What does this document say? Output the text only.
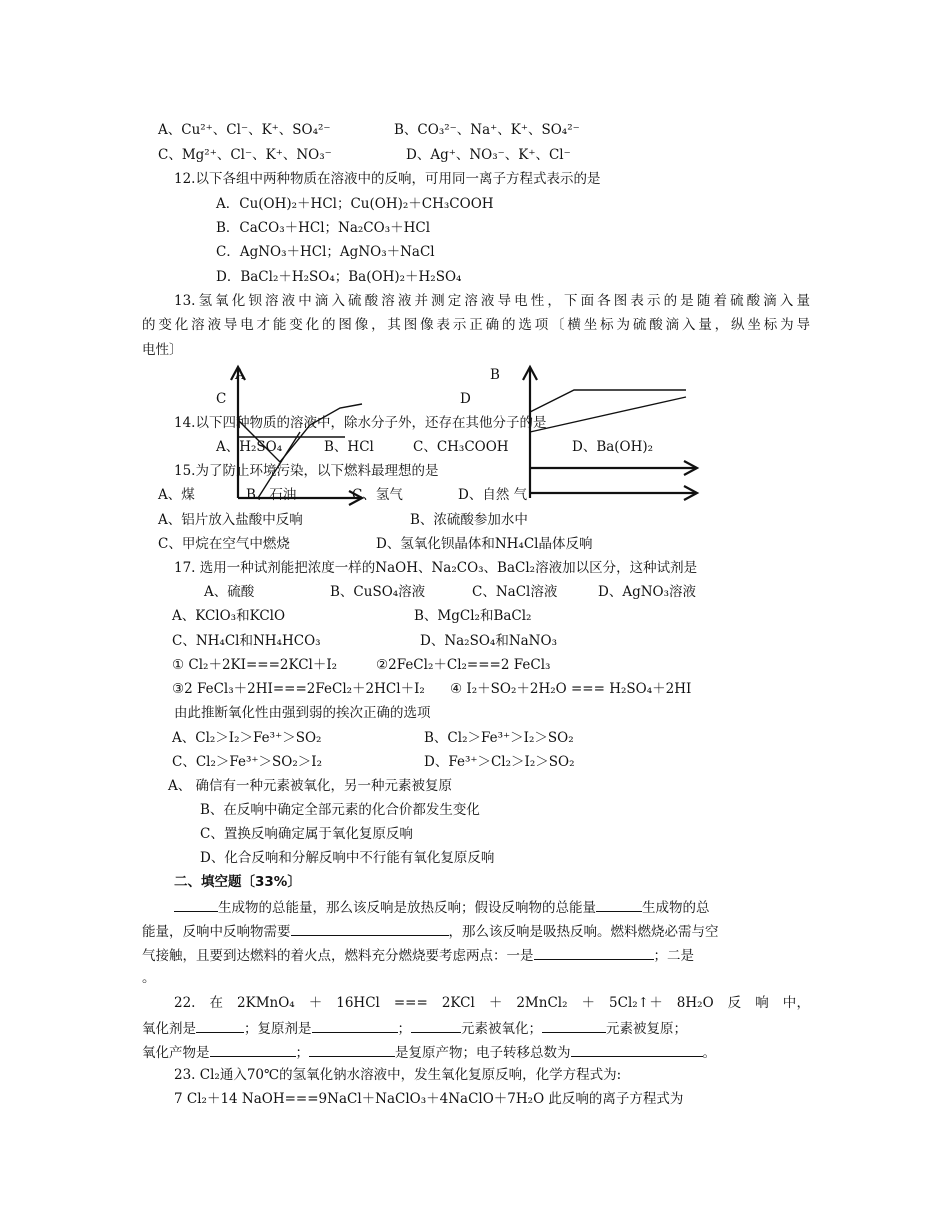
A、Cu²⁺、Cl⁻、K⁺、SO₄²⁻	B、CO₃²⁻、Na⁺、K⁺、SO₄²⁻
C、Mg²⁺、Cl⁻、K⁺、NO₃⁻	D、Ag⁺、NO₃⁻、K⁺、Cl⁻
12.以下各组中两种物质在溶液中的反响，可用同一离子方程式表示的是
A．Cu(OH)₂＋HCl；Cu(OH)₂＋CH₃COOH
B．CaCO₃＋HCl；Na₂CO₃＋HCl
C．AgNO₃＋HCl；AgNO₃＋NaCl
D．BaCl₂＋H₂SO₄；Ba(OH)₂＋H₂SO₄
13.氢氧化钡溶液中滴入硫酸溶液并测定溶液导电性，下面各图表示的是随着硫酸滴入量
的变化溶液导电才能变化的图像，其图像表示正确的选项〔横坐标为硫酸滴入量，纵坐标为导
电性〕
A	B
C	D
14.以下四种物质的溶液中，除水分子外，还存在其他分子的是
A、H₂SO₄	B、HCl	C、CH₃COOH	D、Ba(OH)₂
15.为了防止环境污染，以下燃料最理想的是
A、煤	B、石油	C、氢气	D、自然 气
A、铝片放入盐酸中反响	B、浓硫酸参加水中
C、甲烷在空气中燃烧	D、氢氧化钡晶体和NH₄Cl晶体反响
17. 选用一种试剂能把浓度一样的NaOH、Na₂CO₃、BaCl₂溶液加以区分，这种试剂是
A、硫酸	B、CuSO₄溶液	C、NaCl溶液	D、AgNO₃溶液
A、KClO₃和KClO	B、MgCl₂和BaCl₂
C、NH₄Cl和NH₄HCO₃	D、Na₂SO₄和NaNO₃
① Cl₂＋2KI===2KCl＋I₂	②2FeCl₂＋Cl₂===2 FeCl₃
③2 FeCl₃＋2HI===2FeCl₂＋2HCl＋I₂ ④ I₂＋SO₂＋2H₂O === H₂SO₄＋2HI
由此推断氧化性由强到弱的挨次正确的选项
A、Cl₂＞I₂＞Fe³⁺＞SO₂	B、Cl₂＞Fe³⁺＞I₂＞SO₂
C、Cl₂＞Fe³⁺＞SO₂＞I₂	D、Fe³⁺＞Cl₂＞I₂＞SO₂
A、 确信有一种元素被氧化，另一种元素被复原
B、在反响中确定全部元素的化合价都发生变化
C、置换反响确定属于氧化复原反响
D、化合反响和分解反响中不行能有氧化复原反响
二、填空题〔33%〕
生成物的总能量，那么该反响是放热反响；假设反响物的总能量	生成物的总
能量，反响中反响物需要	，那么该反响是吸热反响。燃料燃烧必需与空
气接触，且要到达燃料的着火点，燃料充分燃烧要考虑两点：一是	；二是
。
22.　在　2KMnO₄　＋　16HCl　===　2KCl　＋　2MnCl₂　＋　5Cl₂↑＋　8H₂O　反　响　中，
氧化剂是	；复原剂是	；	元素被氧化；	元素被复原；
氧化产物是	；	是复原产物；电子转移总数为	。
23. Cl₂通入70℃的氢氧化钠水溶液中，发生氧化复原反响，化学方程式为:
7 Cl₂＋14 NaOH===9NaCl＋NaClO₃＋4NaClO＋7H₂O 此反响的离子方程式为
